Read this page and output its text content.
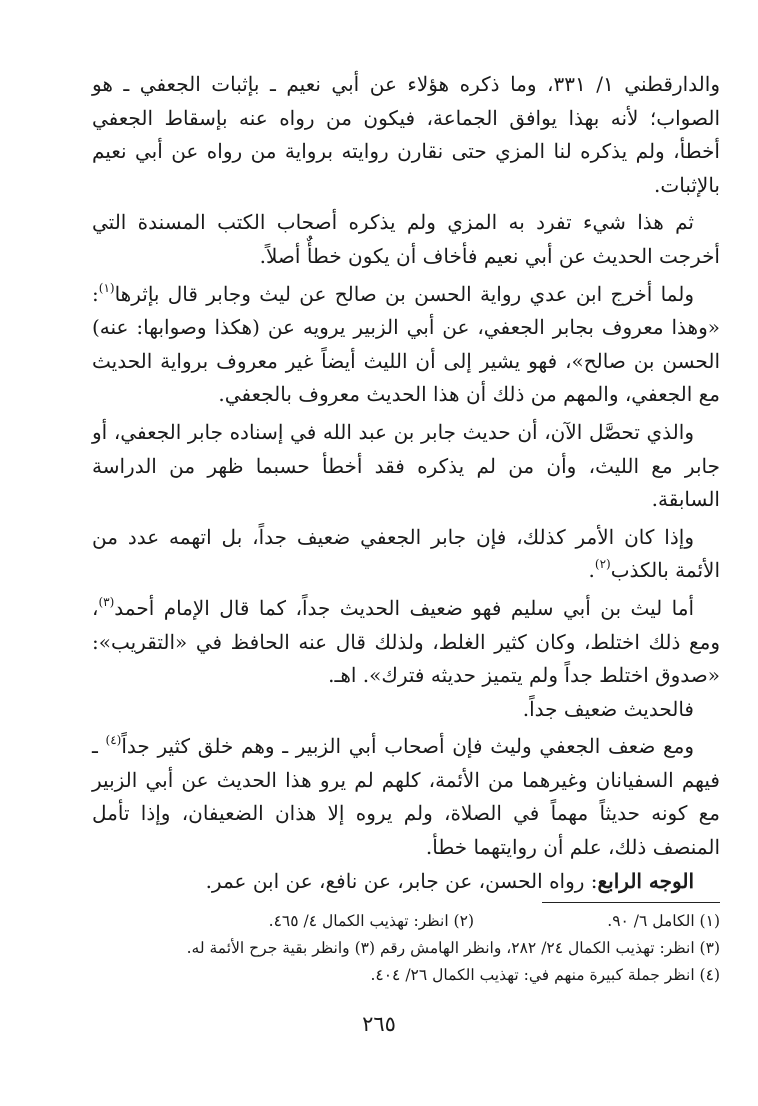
والدارقطني ١/ ٣٣١، وما ذكره هؤلاء عن أبي نعيم ـ بإثبات الجعفي ـ هو الصواب؛ لأنه بهذا يوافق الجماعة، فيكون من رواه عنه بإسقاط الجعفي أخطأ، ولم يذكره لنا المزي حتى نقارن روايته برواية من رواه عن أبي نعيم بالإثبات.

ثم هذا شيء تفرد به المزي ولم يذكره أصحاب الكتب المسندة التي أخرجت الحديث عن أبي نعيم فأخاف أن يكون خطأٌ أصلاً.

ولما أخرج ابن عدي رواية الحسن بن صالح عن ليث وجابر قال بإثرها$^{(١)}$: «وهذا معروف بجابر الجعفي، عن أبي الزبير يرويه عن (هكذا وصوابها: عنه) الحسن بن صالح»، فهو يشير إلى أن الليث أيضاً غير معروف برواية الحديث مع الجعفي، والمهم من ذلك أن هذا الحديث معروف بالجعفي.

والذي تحصَّل الآن، أن حديث جابر بن عبد الله في إسناده جابر الجعفي، أو جابر مع الليث، وأن من لم يذكره فقد أخطأ حسبما ظهر من الدراسة السابقة.

وإذا كان الأمر كذلك، فإن جابر الجعفي ضعيف جداً، بل اتهمه عدد من الأئمة بالكذب$^{(٢)}$.

أما ليث بن أبي سليم فهو ضعيف الحديث جداً، كما قال الإمام أحمد$^{(٣)}$، ومع ذلك اختلط، وكان كثير الغلط، ولذلك قال عنه الحافظ في «التقريب»: «صدوق اختلط جداً ولم يتميز حديثه فترك». اهـ.

فالحديث ضعيف جداً.

ومع ضعف الجعفي وليث فإن أصحاب أبي الزبير ـ وهم خلق كثير جداً$^{(٤)}$ ـ فيهم السفيانان وغيرهما من الأئمة، كلهم لم يرو هذا الحديث عن أبي الزبير مع كونه حديثاً مهماً في الصلاة، ولم يروه إلا هذان الضعيفان، وإذا تأمل المنصف ذلك، علم أن روايتهما خطأ.

الوجه الرابع: رواه الحسن، عن جابر، عن نافع، عن ابن عمر.

(١) الكامل ٦/ ٩٠.
(٢) انظر: تهذيب الكمال ٤/ ٤٦٥.
(٣) انظر: تهذيب الكمال ٢٤/ ٢٨٢، وانظر الهامش رقم (٣) وانظر بقية جرح الأئمة له.
(٤) انظر جملة كبيرة منهم في: تهذيب الكمال ٢٦/ ٤٠٤.
٢٦٥
